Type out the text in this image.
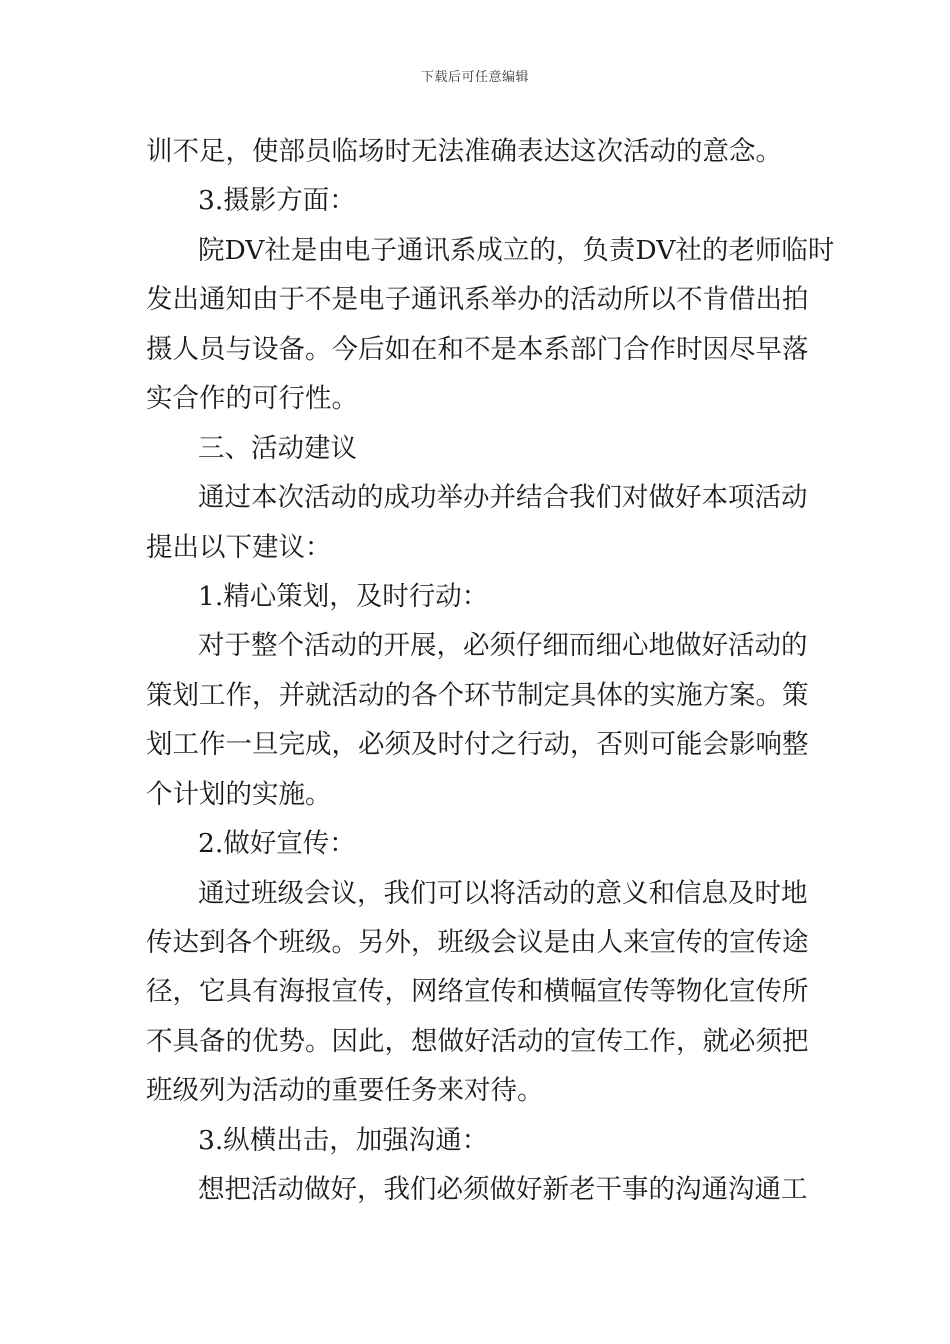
下载后可任意编辑
训不足，使部员临场时无法准确表达这次活动的意念。
3.摄影方面：
院DV社是由电子通讯系成立的，负责DV社的老师临时
发出通知由于不是电子通讯系举办的活动所以不肯借出拍
摄人员与设备。今后如在和不是本系部门合作时因尽早落
实合作的可行性。
三、活动建议
通过本次活动的成功举办并结合我们对做好本项活动
提出以下建议：
1.精心策划，及时行动：
对于整个活动的开展，必须仔细而细心地做好活动的
策划工作，并就活动的各个环节制定具体的实施方案。策
划工作一旦完成，必须及时付之行动，否则可能会影响整
个计划的实施。
2.做好宣传：
通过班级会议，我们可以将活动的意义和信息及时地
传达到各个班级。另外，班级会议是由人来宣传的宣传途
径，它具有海报宣传，网络宣传和横幅宣传等物化宣传所
不具备的优势。因此，想做好活动的宣传工作，就必须把
班级列为活动的重要任务来对待。
3.纵横出击，加强沟通：
想把活动做好，我们必须做好新老干事的沟通沟通工
